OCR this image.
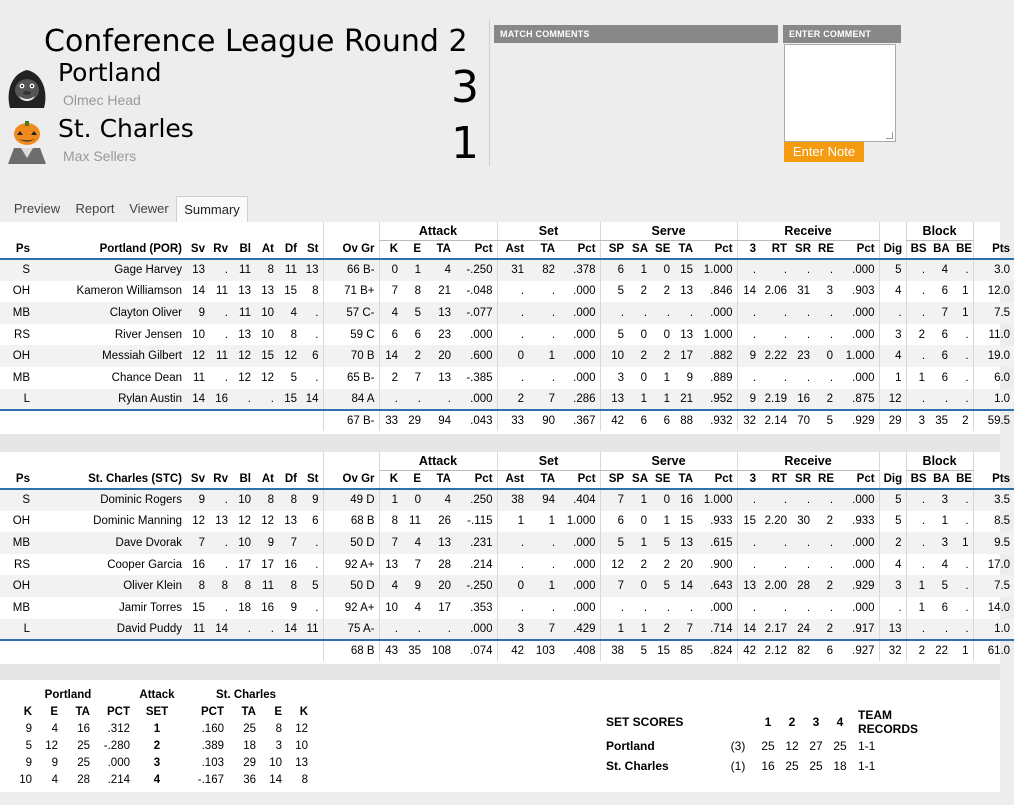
Conference League Round 2
Portland
Olmec Head	3
St. Charles
Max Sellers	1
MATCH COMMENTS	ENTER COMMENT
Enter Note
Preview	Report	Viewer	Summary
									Attack				Set			Serve					Receive						Block			
Ps	Portland (POR)	Sv	Rv	Bl	At	Df	St	Ov Gr	K	E	TA	Pct	Ast	TA	Pct	SP	SA	SE	TA	Pct	3	RT	SR	RE	Pct	Dig	BS	BA	BE	Pts
S	Gage Harvey	13	.	11	8	11	13	66 B-	0	1	4	-.250	31	82	.378	6	1	0	15	1.000	.	.	.	.	.000	5	.	4	.	3.0
OH	Kameron Williamson	14	11	13	13	15	8	71 B+	7	8	21	-.048	.	.	.000	5	2	2	13	.846	14	2.06	31	3	.903	4	.	6	1	12.0
MB	Clayton Oliver	9	.	11	10	4	.	57 C-	4	5	13	-.077	.	.	.000	.	.	.	.	.000	.	.	.	.	.000	.	.	7	1	7.5
RS	River Jensen	10	.	13	10	8	.	59 C	6	6	23	.000	.	.	.000	5	0	0	13	1.000	.	.	.	.	.000	3	2	6	.	11.0
OH	Messiah Gilbert	12	11	12	15	12	6	70 B	14	2	20	.600	0	1	.000	10	2	2	17	.882	9	2.22	23	0	1.000	4	.	6	.	19.0
MB	Chance Dean	11	.	12	12	5	.	65 B-	2	7	13	-.385	.	.	.000	3	0	1	9	.889	.	.	.	.	.000	1	1	6	.	6.0
L	Rylan Austin	14	16	.	.	15	14	84 A	.	.	.	.000	2	7	.286	13	1	1	21	.952	9	2.19	16	2	.875	12	.	.	.	1.0
								67 B-	33	29	94	.043	33	90	.367	42	6	6	88	.932	32	2.14	70	5	.929	29	3	35	2	59.5
									Attack				Set			Serve					Receive						Block			
Ps	St. Charles (STC)	Sv	Rv	Bl	At	Df	St	Ov Gr	K	E	TA	Pct	Ast	TA	Pct	SP	SA	SE	TA	Pct	3	RT	SR	RE	Pct	Dig	BS	BA	BE	Pts
S	Dominic Rogers	9	.	10	8	8	9	49 D	1	0	4	.250	38	94	.404	7	1	0	16	1.000	.	.	.	.	.000	5	.	3	.	3.5
OH	Dominic Manning	12	13	12	12	13	6	68 B	8	11	26	-.115	1	1	1.000	6	0	1	15	.933	15	2.20	30	2	.933	5	.	1	.	8.5
MB	Dave Dvorak	7	.	10	9	7	.	50 D	7	4	13	.231	.	.	.000	5	1	5	13	.615	.	.	.	.	.000	2	.	3	1	9.5
RS	Cooper Garcia	16	.	17	17	16	.	92 A+	13	7	28	.214	.	.	.000	12	2	2	20	.900	.	.	.	.	.000	4	.	4	.	17.0
OH	Oliver Klein	8	8	8	11	8	5	50 D	4	9	20	-.250	0	1	.000	7	0	5	14	.643	13	2.00	28	2	.929	3	1	5	.	7.5
MB	Jamir Torres	15	.	18	16	9	.	92 A+	10	4	17	.353	.	.	.000	.	.	.	.	.000	.	.	.	.	.000	.	1	6	.	14.0
L	David Puddy	11	14	.	.	14	11	75 A-	.	.	.	.000	3	7	.429	1	1	2	7	.714	14	2.17	24	2	.917	13	.	.	.	1.0
								68 B	43	35	108	.074	42	103	.408	38	5	15	85	.824	42	2.12	82	6	.927	32	2	22	1	61.0
Portland				Attack	St. Charles			
K	E	TA	PCT	SET	PCT	TA	E	K
9	4	16	.312	1	.160	25	8	12
5	12	25	-.280	2	.389	18	3	10
9	9	25	.000	3	.103	29	10	13
10	4	28	.214	4	-.167	36	14	8
SET SCORES		1	2	3	4	TEAM RECORDS
Portland	(3)	25	12	27	25	1-1
St. Charles	(1)	16	25	25	18	1-1
